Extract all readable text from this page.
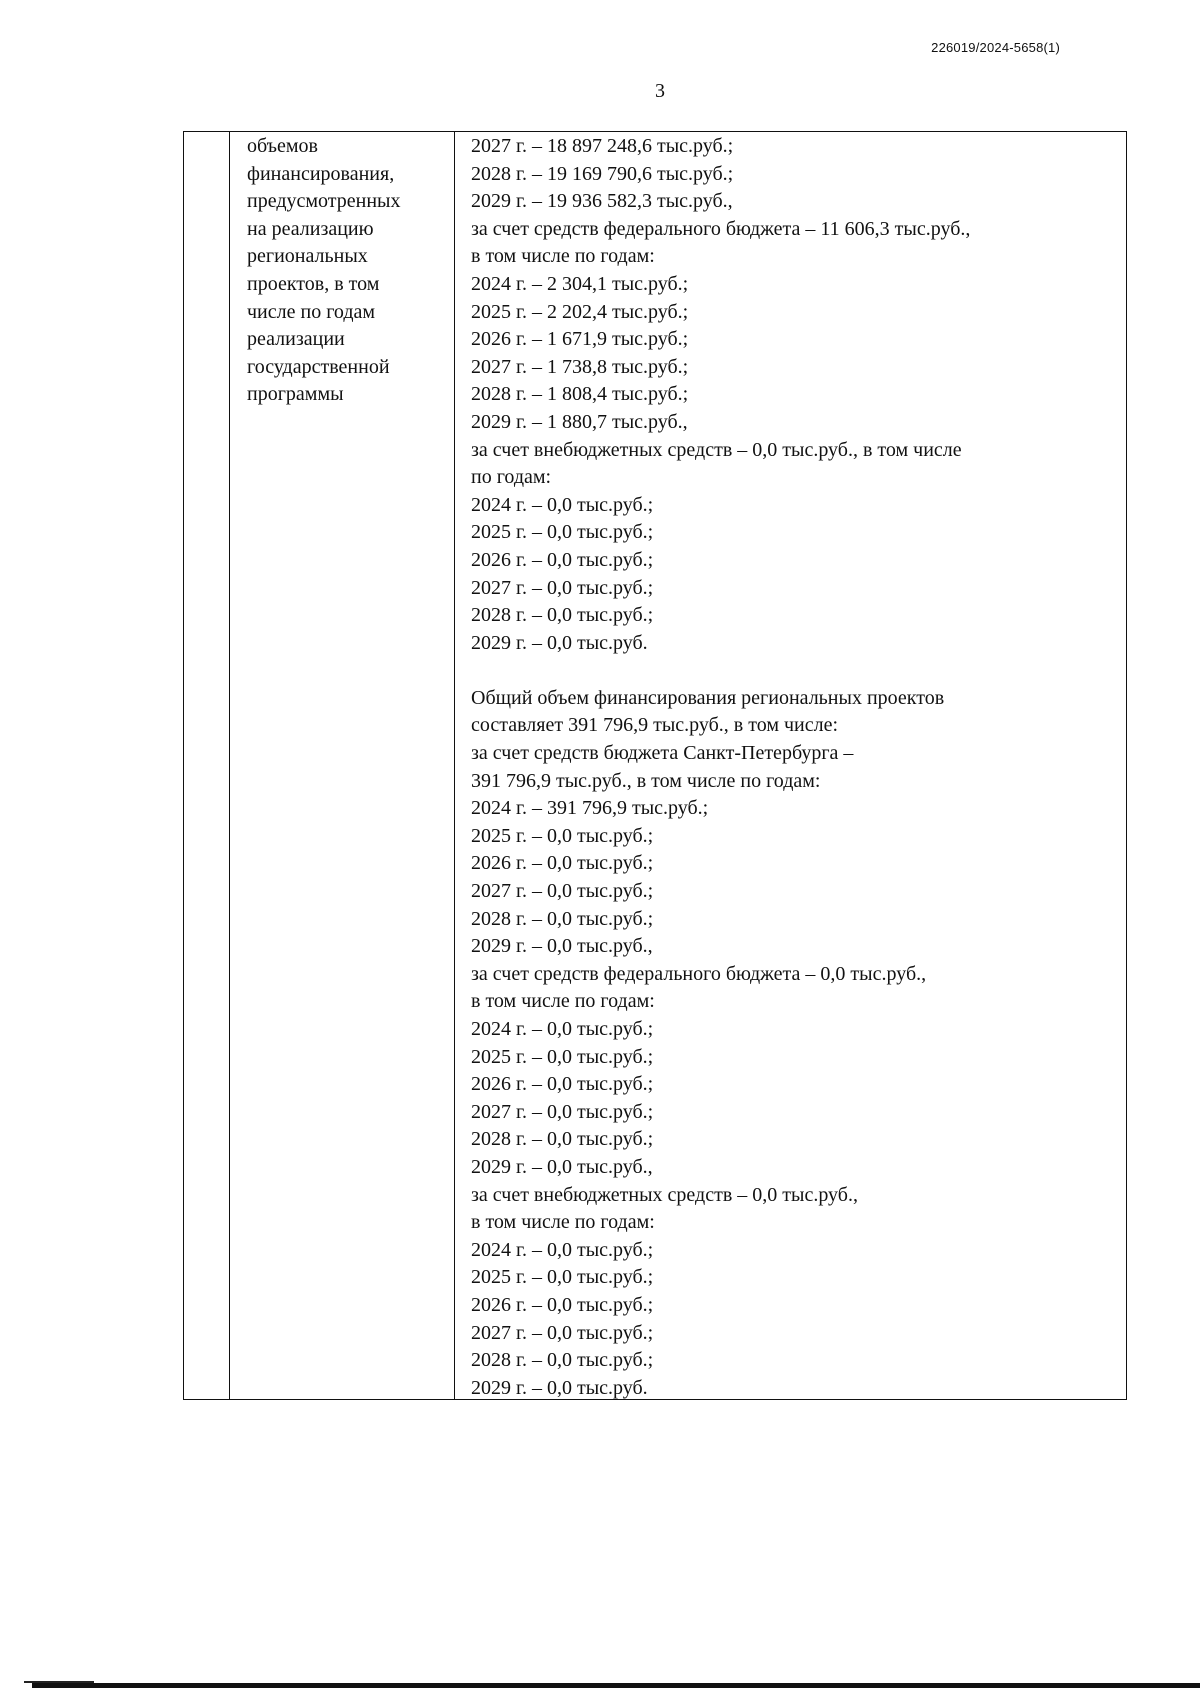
226019/2024-5658(1)
3
объемов
финансирования,
предусмотренных
на реализацию
региональных
проектов, в том
числе по годам
реализации
государственной
программы
2027 г. – 18 897 248,6 тыс.руб.;
2028 г. – 19 169 790,6 тыс.руб.;
2029 г. – 19 936 582,3 тыс.руб.,
за счет средств федерального бюджета – 11 606,3 тыс.руб.,
в том числе по годам:
2024 г. – 2 304,1 тыс.руб.;
2025 г. – 2 202,4 тыс.руб.;
2026 г. – 1 671,9 тыс.руб.;
2027 г. – 1 738,8 тыс.руб.;
2028 г. – 1 808,4 тыс.руб.;
2029 г. – 1 880,7 тыс.руб.,
за счет внебюджетных средств – 0,0 тыс.руб., в том числе
по годам:
2024 г. – 0,0 тыс.руб.;
2025 г. – 0,0 тыс.руб.;
2026 г. – 0,0 тыс.руб.;
2027 г. – 0,0 тыс.руб.;
2028 г. – 0,0 тыс.руб.;
2029 г. – 0,0 тыс.руб.
Общий объем финансирования региональных проектов
составляет 391 796,9 тыс.руб., в том числе:
за счет средств бюджета Санкт-Петербурга –
391 796,9 тыс.руб., в том числе по годам:
2024 г. – 391 796,9 тыс.руб.;
2025 г. – 0,0 тыс.руб.;
2026 г. – 0,0 тыс.руб.;
2027 г. – 0,0 тыс.руб.;
2028 г. – 0,0 тыс.руб.;
2029 г. – 0,0 тыс.руб.,
за счет средств федерального бюджета – 0,0 тыс.руб.,
в том числе по годам:
2024 г. – 0,0 тыс.руб.;
2025 г. – 0,0 тыс.руб.;
2026 г. – 0,0 тыс.руб.;
2027 г. – 0,0 тыс.руб.;
2028 г. – 0,0 тыс.руб.;
2029 г. – 0,0 тыс.руб.,
за счет внебюджетных средств – 0,0 тыс.руб.,
в том числе по годам:
2024 г. – 0,0 тыс.руб.;
2025 г. – 0,0 тыс.руб.;
2026 г. – 0,0 тыс.руб.;
2027 г. – 0,0 тыс.руб.;
2028 г. – 0,0 тыс.руб.;
2029 г. – 0,0 тыс.руб.
